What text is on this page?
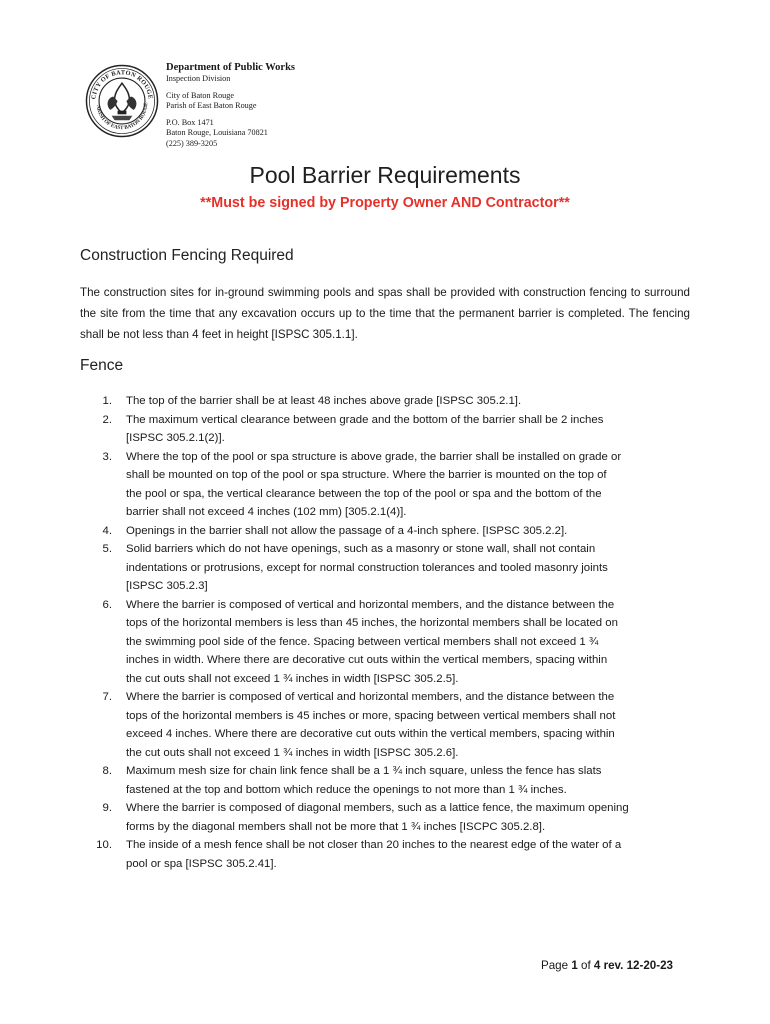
CITY OF BATON ROUGE
ARISH OF EAST BATON ROUGE
Department of Public Works
Inspection Division
City of Baton Rouge
Parish of East Baton Rouge
P.O. Box 1471
Baton Rouge, Louisiana 70821
(225) 389-3205
Pool Barrier Requirements
**Must be signed by Property Owner AND Contractor**
Construction Fencing Required
The construction sites for in-ground swimming pools and spas shall be provided with construction fencing to surround the site from the time that any excavation occurs up to the time that the permanent barrier is completed. The fencing shall be not less than 4 feet in height [ISPSC 305.1.1].
Fence
1. The top of the barrier shall be at least 48 inches above grade [ISPSC 305.2.1].
2. The maximum vertical clearance between grade and the bottom of the barrier shall be 2 inches
[ISPSC 305.2.1(2)].
3. Where the top of the pool or spa structure is above grade, the barrier shall be installed on grade or
shall be mounted on top of the pool or spa structure. Where the barrier is mounted on the top of
the pool or spa, the vertical clearance between the top of the pool or spa and the bottom of the
barrier shall not exceed 4 inches (102 mm) [305.2.1(4)].
4. Openings in the barrier shall not allow the passage of a 4-inch sphere. [ISPSC 305.2.2].
5. Solid barriers which do not have openings, such as a masonry or stone wall, shall not contain
indentations or protrusions, except for normal construction tolerances and tooled masonry joints
[ISPSC 305.2.3]
6. Where the barrier is composed of vertical and horizontal members, and the distance between the
tops of the horizontal members is less than 45 inches, the horizontal members shall be located on
the swimming pool side of the fence. Spacing between vertical members shall not exceed 1 ¾
inches in width. Where there are decorative cut outs within the vertical members, spacing within
the cut outs shall not exceed 1 ¾ inches in width [ISPSC 305.2.5].
7. Where the barrier is composed of vertical and horizontal members, and the distance between the
tops of the horizontal members is 45 inches or more, spacing between vertical members shall not
exceed 4 inches. Where there are decorative cut outs within the vertical members, spacing within
the cut outs shall not exceed 1 ¾ inches in width [ISPSC 305.2.6].
8. Maximum mesh size for chain link fence shall be a 1 ¾ inch square, unless the fence has slats
fastened at the top and bottom which reduce the openings to not more than 1 ¾ inches.
9. Where the barrier is composed of diagonal members, such as a lattice fence, the maximum opening
forms by the diagonal members shall not be more that 1 ¾ inches [ISCPC 305.2.8].
10. The inside of a mesh fence shall be not closer than 20 inches to the nearest edge of the water of a
pool or spa [ISPSC 305.2.41].
Page 1 of 4 rev. 12-20-23
